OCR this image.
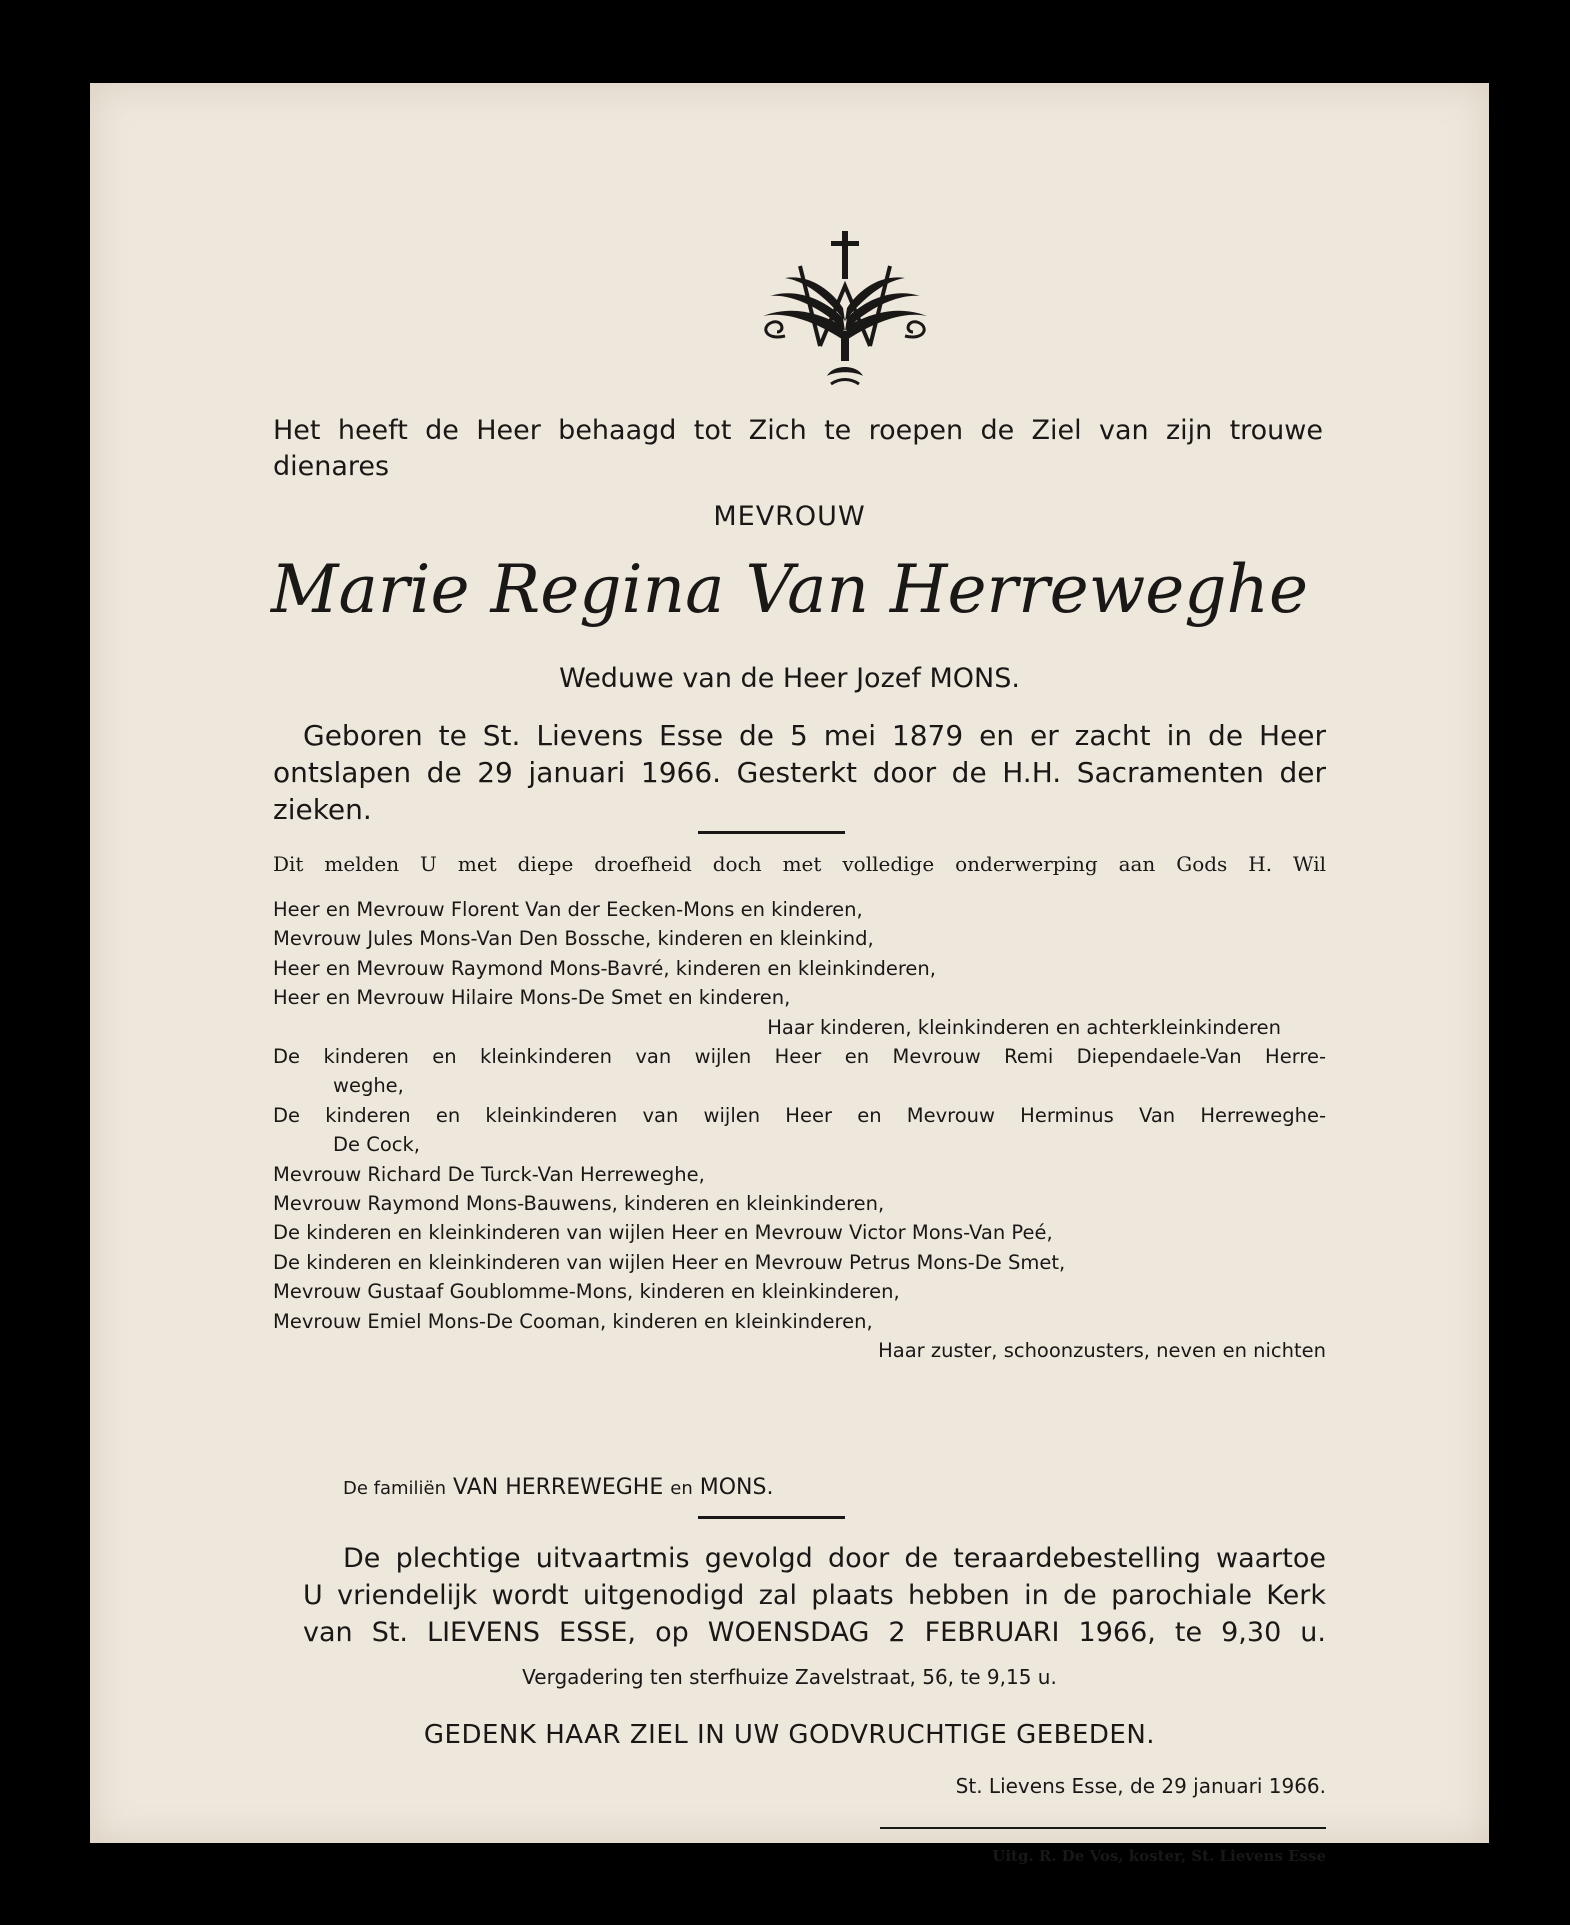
Het heeft de Heer behaagd tot Zich te roepen de Ziel van zijn trouwe
dienares
MEVROUW
Marie Regina Van Herreweghe
Weduwe van de Heer Jozef MONS.
Geboren te St. Lievens Esse de 5 mei 1879 en er zacht in de Heer
ontslapen de 29 januari 1966. Gesterkt door de H.H. Sacramenten der
zieken.
Dit melden U met diepe droefheid doch met volledige onderwerping aan Gods H. Wil
Heer en Mevrouw Florent Van der Eecken-Mons en kinderen,
Mevrouw Jules Mons-Van Den Bossche, kinderen en kleinkind,
Heer en Mevrouw Raymond Mons-Bavré, kinderen en kleinkinderen,
Heer en Mevrouw Hilaire Mons-De Smet en kinderen,
Haar kinderen, kleinkinderen en achterkleinkinderen
De kinderen en kleinkinderen van wijlen Heer en Mevrouw Remi Diependaele-Van Herre-
weghe,
De kinderen en kleinkinderen van wijlen Heer en Mevrouw Herminus Van Herreweghe-
De Cock,
Mevrouw Richard De Turck-Van Herreweghe,
Mevrouw Raymond Mons-Bauwens, kinderen en kleinkinderen,
De kinderen en kleinkinderen van wijlen Heer en Mevrouw Victor Mons-Van Peé,
De kinderen en kleinkinderen van wijlen Heer en Mevrouw Petrus Mons-De Smet,
Mevrouw Gustaaf Goublomme-Mons, kinderen en kleinkinderen,
Mevrouw Emiel Mons-De Cooman, kinderen en kleinkinderen,
Haar zuster, schoonzusters, neven en nichten
De familiën VAN HERREWEGHE en MONS.
De plechtige uitvaartmis gevolgd door de teraardebestelling waartoe
U vriendelijk wordt uitgenodigd zal plaats hebben in de parochiale Kerk
van St. LIEVENS ESSE, op WOENSDAG 2 FEBRUARI 1966, te 9,30 u.
Vergadering ten sterfhuize Zavelstraat, 56, te 9,15 u.
GEDENK HAAR ZIEL IN UW GODVRUCHTIGE GEBEDEN.
St. Lievens Esse, de 29 januari 1966.
Uitg. R. De Vos, koster, St. Lievens Esse
